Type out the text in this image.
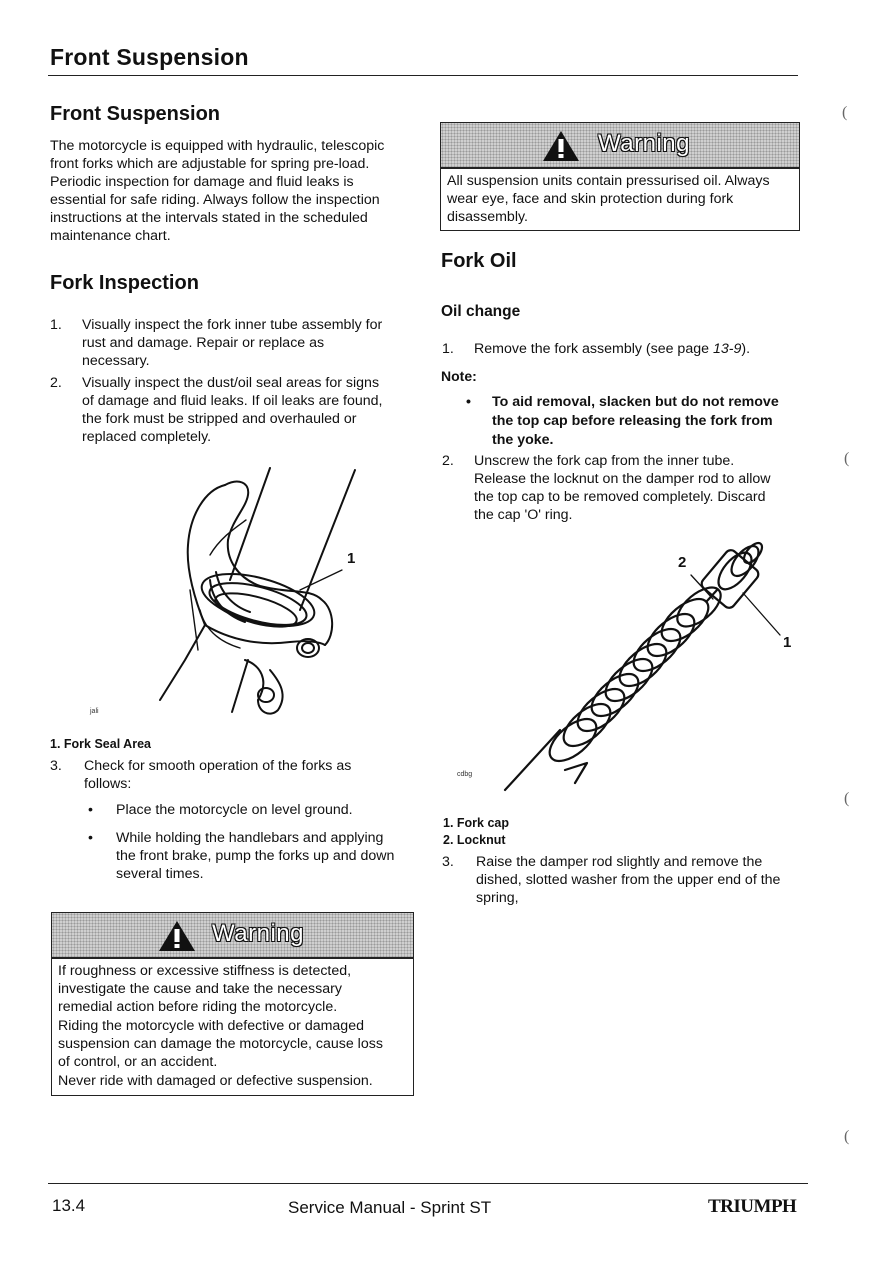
Front Suspension
Front Suspension
The motorcycle is equipped with hydraulic, telescopic
front forks which are adjustable for spring pre-load.
Periodic inspection for damage and fluid leaks is
essential for safe riding. Always follow the inspection
instructions at the intervals stated in the scheduled
maintenance chart.
Fork Inspection
1. Visually inspect the fork inner tube assembly for
rust and damage. Repair or replace as
necessary.
2. Visually inspect the dust/oil seal areas for signs
of damage and fluid leaks. If oil leaks are found,
the fork must be stripped and overhauled or
replaced completely.
1
jali
1. Fork Seal Area
3. Check for smooth operation of the forks as
follows:
• Place the motorcycle on level ground.
• While holding the handlebars and applying
the front brake, pump the forks up and down
several times.
Warning

If roughness or excessive stiffness is detected,
investigate the cause and take the necessary
remedial action before riding the motorcycle.

Riding the motorcycle with defective or damaged
suspension can damage the motorcycle, cause loss
of control, or an accident.

Never ride with damaged or defective suspension.

Warning
All suspension units contain pressurised oil. Always
wear eye, face and skin protection during fork
disassembly.
Fork Oil
Oil change
1. Remove the fork assembly (see page 13-9).
Note:
• To aid removal, slacken but do not remove
the top cap before releasing the fork from
the yoke.
2. Unscrew the fork cap from the inner tube.
Release the locknut on the damper rod to allow
the top cap to be removed completely. Discard
the cap 'O' ring.
2
1
cdbg
1. Fork cap
2. Locknut
3. Raise the damper rod slightly and remove the
dished, slotted washer from the upper end of the
spring,
(
(
(
(
13.4	Service Manual - Sprint ST	TRIUMPH
